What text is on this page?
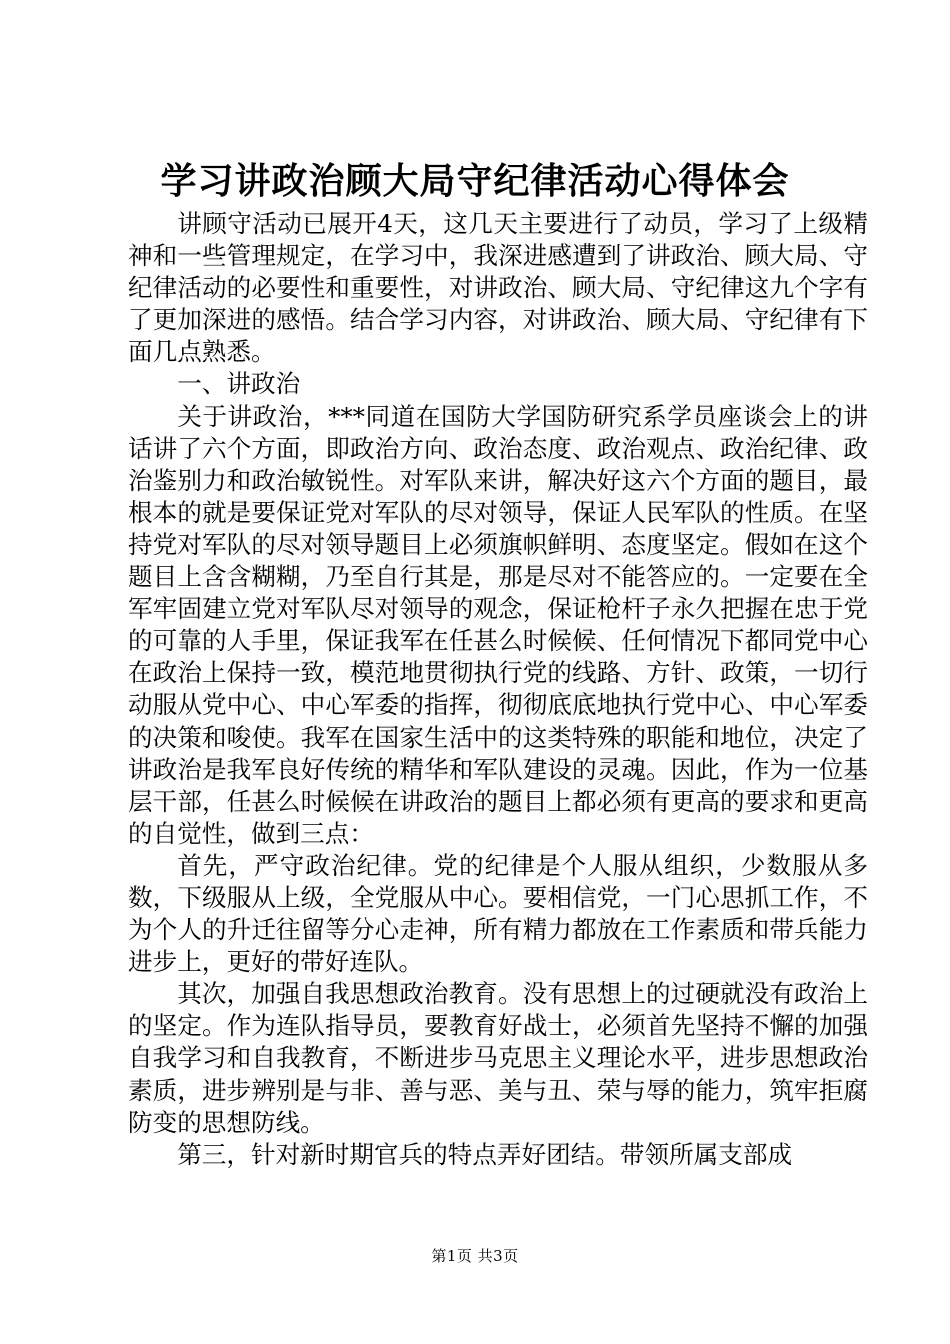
学习讲政治顾大局守纪律活动心得体会

讲顾守活动已展开4天，这几天主要进行了动员，学习了上级精神和一些管理规定，在学习中，我深进感遭到了讲政治、顾大局、守纪律活动的必要性和重要性，对讲政治、顾大局、守纪律这九个字有了更加深进的感悟。结合学习内容，对讲政治、顾大局、守纪律有下面几点熟悉。

一、讲政治

关于讲政治，***同道在国防大学国防研究系学员座谈会上的讲话讲了六个方面，即政治方向、政治态度、政治观点、政治纪律、政治鉴别力和政治敏锐性。对军队来讲，解决好这六个方面的题目，最根本的就是要保证党对军队的尽对领导，保证人民军队的性质。在坚持党对军队的尽对领导题目上必须旗帜鲜明、态度坚定。假如在这个题目上含含糊糊，乃至自行其是，那是尽对不能答应的。一定要在全军牢固建立党对军队尽对领导的观念，保证枪杆子永久把握在忠于党的可靠的人手里，保证我军在任甚么时候候、任何情况下都同党中心在政治上保持一致，模范地贯彻执行党的线路、方针、政策，一切行动服从党中心、中心军委的指挥，彻彻底底地执行党中心、中心军委的决策和唆使。我军在国家生活中的这类特殊的职能和地位，决定了讲政治是我军良好传统的精华和军队建设的灵魂。因此，作为一位基层干部，任甚么时候候在讲政治的题目上都必须有更高的要求和更高的自觉性，做到三点：

首先，严守政治纪律。党的纪律是个人服从组织，少数服从多数，下级服从上级，全党服从中心。要相信党，一门心思抓工作，不为个人的升迁往留等分心走神，所有精力都放在工作素质和带兵能力进步上，更好的带好连队。

其次，加强自我思想政治教育。没有思想上的过硬就没有政治上的坚定。作为连队指导员，要教育好战士，必须首先坚持不懈的加强自我学习和自我教育，不断进步马克思主义理论水平，进步思想政治素质，进步辨别是与非、善与恶、美与丑、荣与辱的能力，筑牢拒腐防变的思想防线。

第三，针对新时期官兵的特点弄好团结。带领所属支部成

第1页 共3页
